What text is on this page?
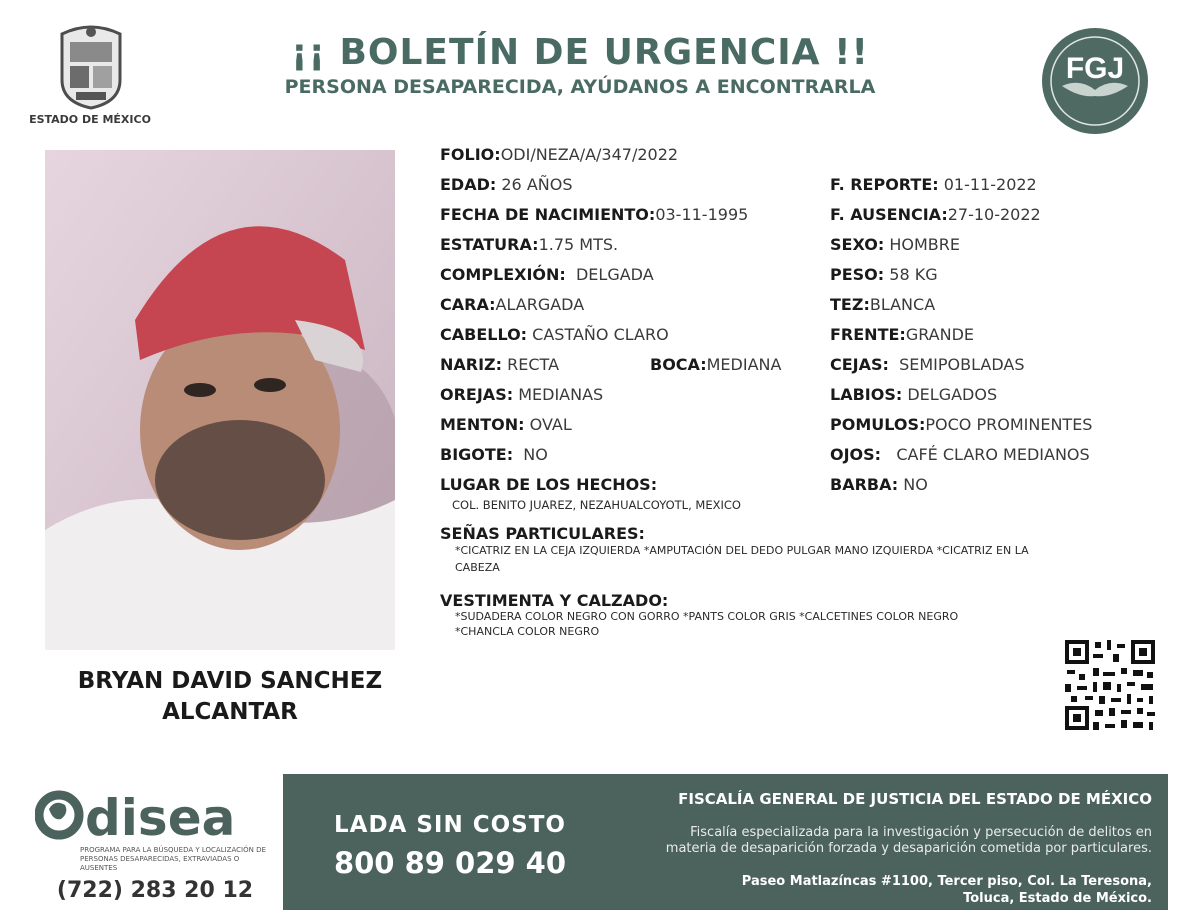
ESTADO DE MÉXICO
¡¡ BOLETÍN DE URGENCIA !!
PERSONA DESAPARECIDA, AYÚDANOS A ENCONTRARLA
FGJ
BRYAN DAVID SANCHEZ
ALCANTAR
FOLIO:ODI/NEZA/A/347/2022
EDAD: 26 AÑOS	F. REPORTE: 01-11-2022
FECHA DE NACIMIENTO:03-11-1995	F. AUSENCIA:27-10-2022
ESTATURA:1.75 MTS.	SEXO: HOMBRE
COMPLEXIÓN: DELGADA	PESO: 58 KG
CARA:ALARGADA	TEZ:BLANCA
CABELLO: CASTAÑO CLARO	FRENTE:GRANDE
NARIZ: RECTA	BOCA:MEDIANA	CEJAS: SEMIPOBLADAS
OREJAS: MEDIANAS	LABIOS: DELGADOS
MENTON: OVAL	POMULOS:POCO PROMINENTES
BIGOTE: NO	OJOS: CAFÉ CLARO MEDIANOS
LUGAR DE LOS HECHOS:	BARBA: NO
COL. BENITO JUAREZ, NEZAHUALCOYOTL, MEXICO
SEÑAS PARTICULARES:
*CICATRIZ EN LA CEJA IZQUIERDA *AMPUTACIÓN DEL DEDO PULGAR MANO IZQUIERDA *CICATRIZ EN LA
CABEZA
VESTIMENTA Y CALZADO:
*SUDADERA COLOR NEGRO CON GORRO *PANTS COLOR GRIS *CALCETINES COLOR NEGRO
*CHANCLA COLOR NEGRO
disea
PROGRAMA PARA LA BÚSQUEDA Y LOCALIZACIÓN DE PERSONAS DESAPARECIDAS, EXTRAVIADAS O AUSENTES
(722) 283 20 12
LADA SIN COSTO
800 89 029 40
FISCALÍA GENERAL DE JUSTICIA DEL ESTADO DE MÉXICO
Fiscalía especializada para la investigación y persecución de delitos en
materia de desaparición forzada y desaparición cometida por particulares.
Paseo Matlazíncas #1100, Tercer piso, Col. La Teresona,
Toluca, Estado de México.
